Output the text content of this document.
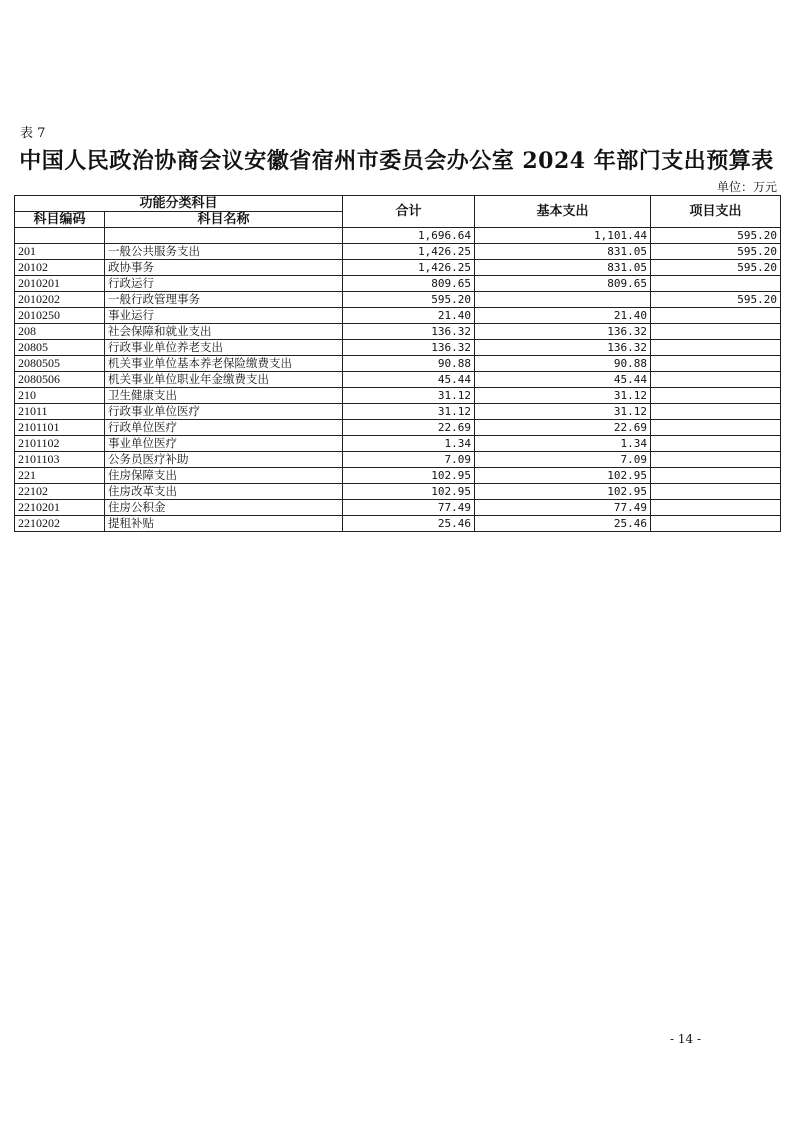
表 7
中国人民政治协商会议安徽省宿州市委员会办公室 2024 年部门支出预算表
单位：万元
功能分类科目		合计	基本支出	项目支出
科目编码	科目名称			
		1,696.64	1,101.44	595.20
201	一般公共服务支出	1,426.25	831.05	595.20
20102	政协事务	1,426.25	831.05	595.20
2010201	行政运行	809.65	809.65	
2010202	一般行政管理事务	595.20		595.20
2010250	事业运行	21.40	21.40	
208	社会保障和就业支出	136.32	136.32	
20805	行政事业单位养老支出	136.32	136.32	
2080505	机关事业单位基本养老保险缴费支出	90.88	90.88	
2080506	机关事业单位职业年金缴费支出	45.44	45.44	
210	卫生健康支出	31.12	31.12	
21011	行政事业单位医疗	31.12	31.12	
2101101	行政单位医疗	22.69	22.69	
2101102	事业单位医疗	1.34	1.34	
2101103	公务员医疗补助	7.09	7.09	
221	住房保障支出	102.95	102.95	
22102	住房改革支出	102.95	102.95	
2210201	住房公积金	77.49	77.49	
2210202	提租补贴	25.46	25.46	
- 14 -
